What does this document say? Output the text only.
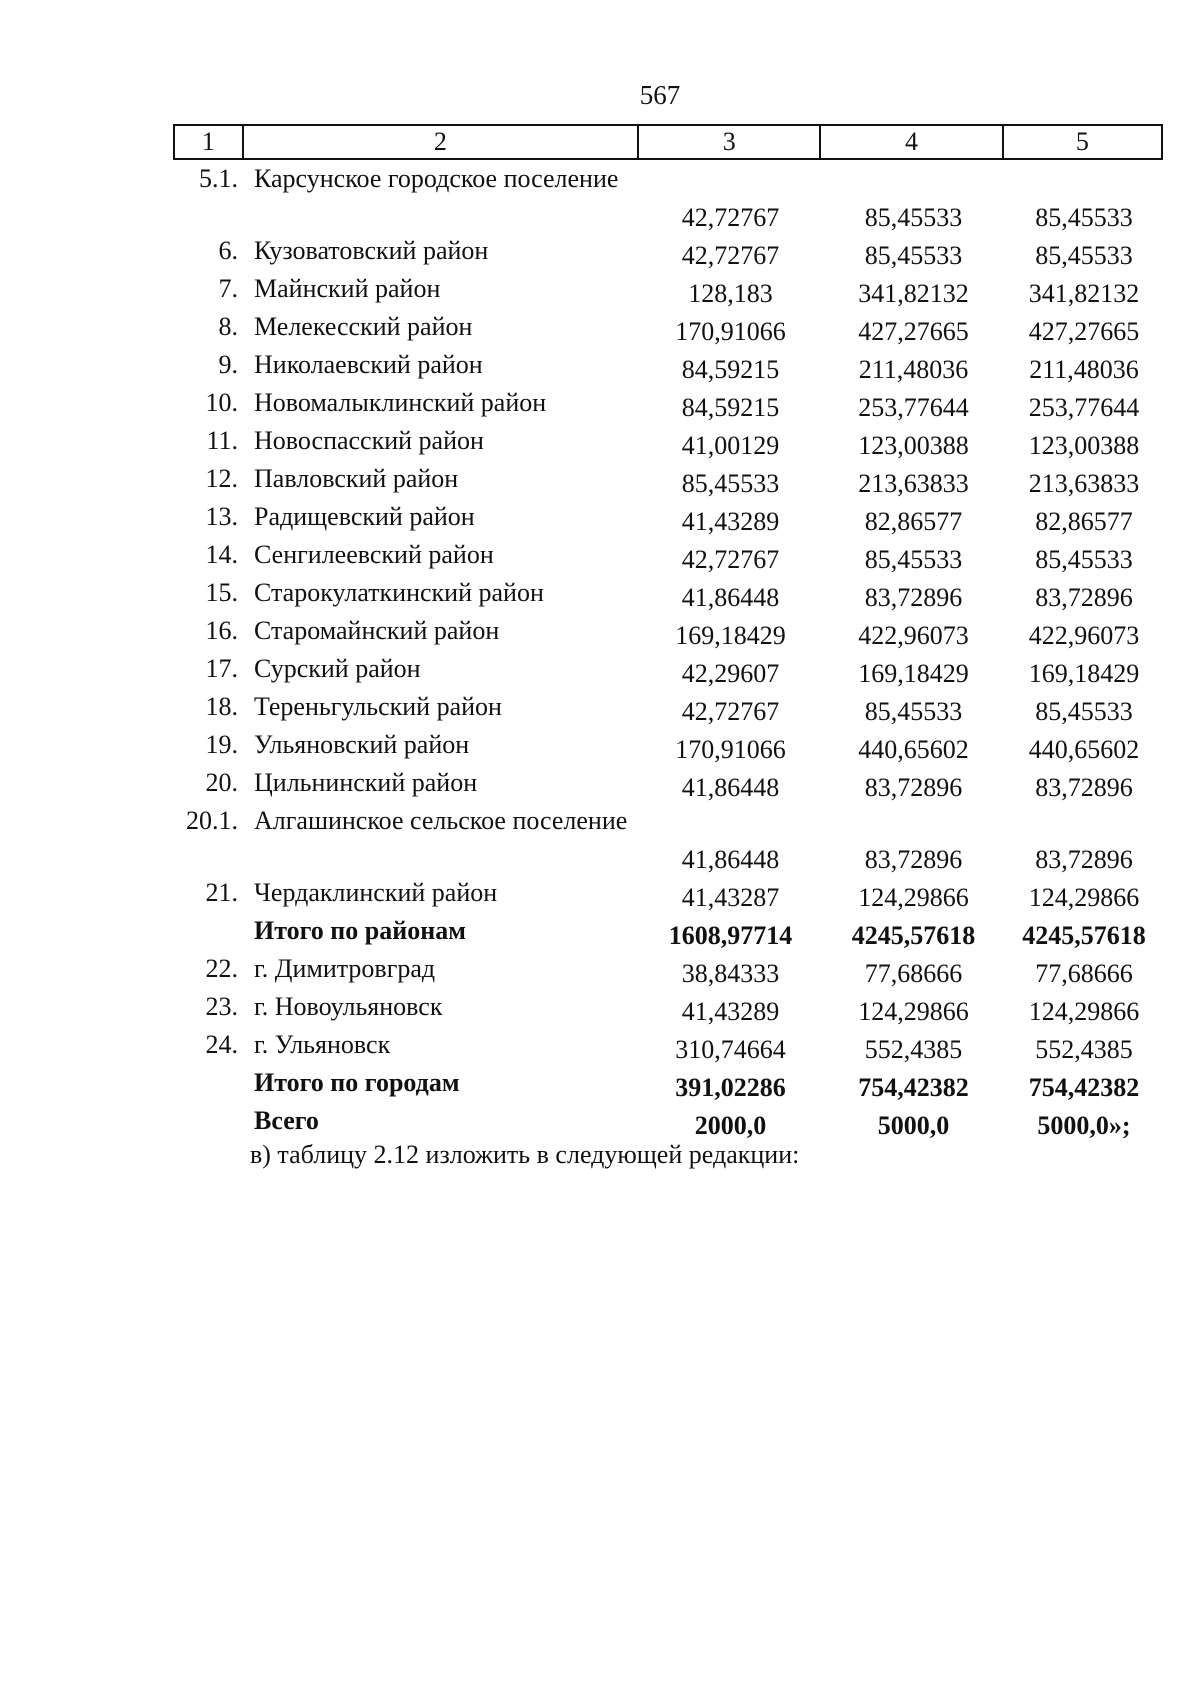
567
1	2	3	4	5
5.1. Карсунское городское поселение
42,72767	85,45533	85,45533
6. Кузоватовский район	42,72767	85,45533	85,45533
7. Майнский район	128,183	341,82132	341,82132
8. Мелекесский район	170,91066	427,27665	427,27665
9. Николаевский район	84,59215	211,48036	211,48036
10. Новомалыклинский район	84,59215	253,77644	253,77644
11. Новоспасский район	41,00129	123,00388	123,00388
12. Павловский район	85,45533	213,63833	213,63833
13. Радищевский район	41,43289	82,86577	82,86577
14. Сенгилеевский район	42,72767	85,45533	85,45533
15. Старокулаткинский район	41,86448	83,72896	83,72896
16. Старомайнский район	169,18429	422,96073	422,96073
17. Сурский район	42,29607	169,18429	169,18429
18. Тереньгульский район	42,72767	85,45533	85,45533
19. Ульяновский район	170,91066	440,65602	440,65602
20. Цильнинский район	41,86448	83,72896	83,72896
20.1. Алгашинское сельское поселение
41,86448	83,72896	83,72896
21. Чердаклинский район	41,43287	124,29866	124,29866
Итого по районам	1608,97714	4245,57618	4245,57618
22. г. Димитровград	38,84333	77,68666	77,68666
23. г. Новоульяновск	41,43289	124,29866	124,29866
24. г. Ульяновск	310,74664	552,4385	552,4385
Итого по городам	391,02286	754,42382	754,42382
Всего	2000,0	5000,0	5000,0»;
в) таблицу 2.12 изложить в следующей редакции:
